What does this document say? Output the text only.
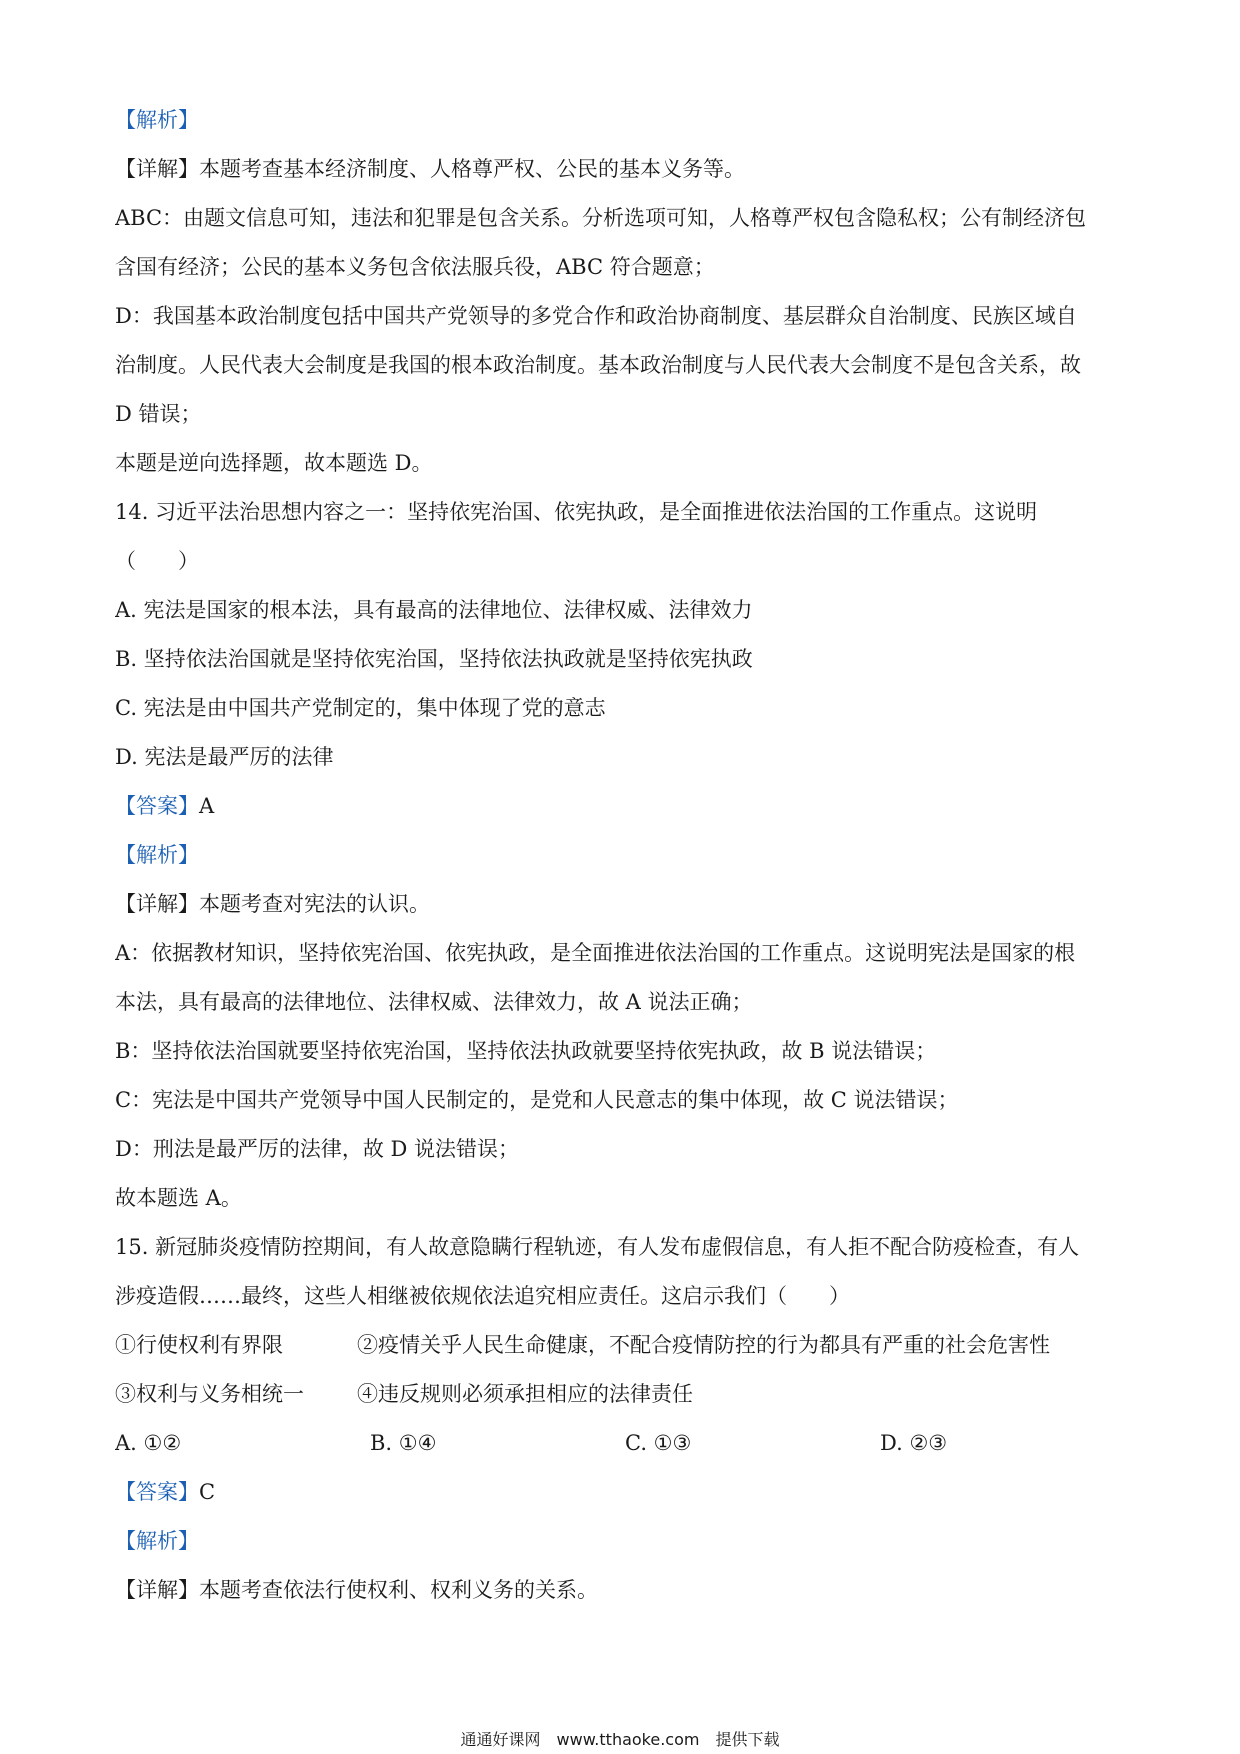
【解析】
【详解】本题考查基本经济制度、人格尊严权、公民的基本义务等。
ABC：由题文信息可知，违法和犯罪是包含关系。分析选项可知，人格尊严权包含隐私权；公有制经济包
含国有经济；公民的基本义务包含依法服兵役，ABC 符合题意；
D：我国基本政治制度包括中国共产党领导的多党合作和政治协商制度、基层群众自治制度、民族区域自
治制度。人民代表大会制度是我国的根本政治制度。基本政治制度与人民代表大会制度不是包含关系，故
D 错误；
本题是逆向选择题，故本题选 D。
14. 习近平法治思想内容之一：坚持依宪治国、依宪执政，是全面推进依法治国的工作重点。这说明
（　　）
A. 宪法是国家的根本法，具有最高的法律地位、法律权威、法律效力
B. 坚持依法治国就是坚持依宪治国，坚持依法执政就是坚持依宪执政
C. 宪法是由中国共产党制定的，集中体现了党的意志
D. 宪法是最严厉的法律
【答案】A
【解析】
【详解】本题考查对宪法的认识。
A：依据教材知识，坚持依宪治国、依宪执政，是全面推进依法治国的工作重点。这说明宪法是国家的根
本法，具有最高的法律地位、法律权威、法律效力，故 A 说法正确；
B：坚持依法治国就要坚持依宪治国，坚持依法执政就要坚持依宪执政，故 B 说法错误；
C：宪法是中国共产党领导中国人民制定的，是党和人民意志的集中体现，故 C 说法错误；
D：刑法是最严厉的法律，故 D 说法错误；
故本题选 A。
15. 新冠肺炎疫情防控期间，有人故意隐瞒行程轨迹，有人发布虚假信息，有人拒不配合防疫检查，有人
涉疫造假……最终，这些人相继被依规依法追究相应责任。这启示我们（　　）
①行使权利有界限	②疫情关乎人民生命健康，不配合疫情防控的行为都具有严重的社会危害性
③权利与义务相统一	④违反规则必须承担相应的法律责任
A. ①②	B. ①④	C. ①③	D. ②③
【答案】C
【解析】
【详解】本题考查依法行使权利、权利义务的关系。
通通好课网　www.tthaoke.com　提供下载
